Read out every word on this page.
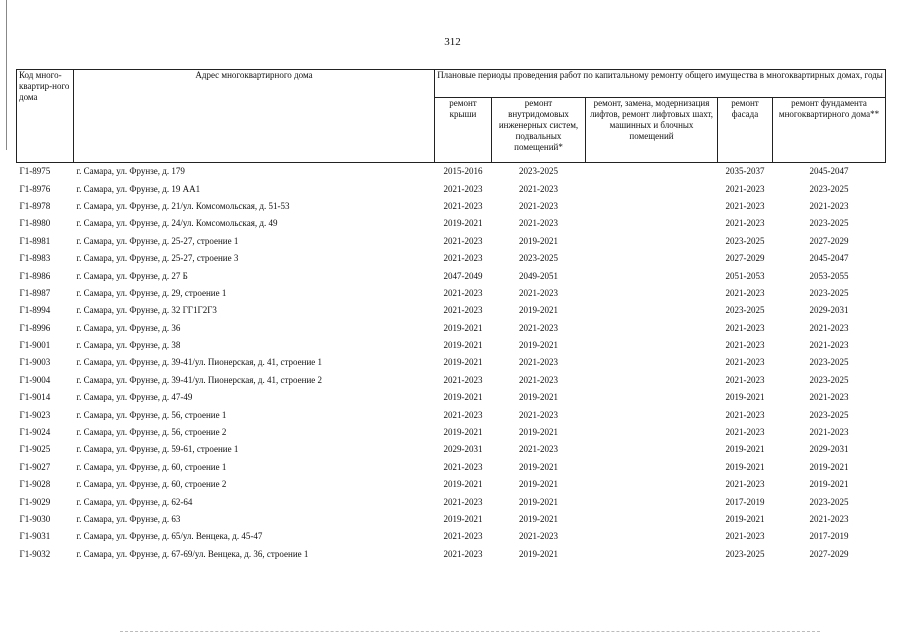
312
Код много-квартир-ного дома	Адрес многоквартирного дома	Плановые периоды проведения работ по капитальному ремонту общего имущества в многоквартирных домах, годы				
		ремонт крыши	ремонт внутридомовых инженерных систем, подвальных помещений*	ремонт, замена, модернизация лифтов, ремонт лифтовых шахт, машинных и блочных помещений	ремонт фасада	ремонт фундамента многоквартирного дома**
Г1-8975	г. Самара, ул. Фрунзе, д. 179	2015-2016	2023-2025		2035-2037	2045-2047
Г1-8976	г. Самара, ул. Фрунзе, д. 19 АА1	2021-2023	2021-2023		2021-2023	2023-2025
Г1-8978	г. Самара, ул. Фрунзе, д. 21/ул. Комсомольская, д. 51-53	2021-2023	2021-2023		2021-2023	2021-2023
Г1-8980	г. Самара, ул. Фрунзе, д. 24/ул. Комсомольская, д. 49	2019-2021	2021-2023		2021-2023	2023-2025
Г1-8981	г. Самара, ул. Фрунзе, д. 25-27, строение 1	2021-2023	2019-2021		2023-2025	2027-2029
Г1-8983	г. Самара, ул. Фрунзе, д. 25-27, строение 3	2021-2023	2023-2025		2027-2029	2045-2047
Г1-8986	г. Самара, ул. Фрунзе, д. 27 Б	2047-2049	2049-2051		2051-2053	2053-2055
Г1-8987	г. Самара, ул. Фрунзе, д. 29, строение 1	2021-2023	2021-2023		2021-2023	2023-2025
Г1-8994	г. Самара, ул. Фрунзе, д. 32 ГГ1Г2Г3	2021-2023	2019-2021		2023-2025	2029-2031
Г1-8996	г. Самара, ул. Фрунзе, д. 36	2019-2021	2021-2023		2021-2023	2021-2023
Г1-9001	г. Самара, ул. Фрунзе, д. 38	2019-2021	2019-2021		2021-2023	2021-2023
Г1-9003	г. Самара, ул. Фрунзе, д. 39-41/ул. Пионерская, д. 41, строение 1	2019-2021	2021-2023		2021-2023	2023-2025
Г1-9004	г. Самара, ул. Фрунзе, д. 39-41/ул. Пионерская, д. 41, строение 2	2021-2023	2021-2023		2021-2023	2023-2025
Г1-9014	г. Самара, ул. Фрунзе, д. 47-49	2019-2021	2019-2021		2019-2021	2021-2023
Г1-9023	г. Самара, ул. Фрунзе, д. 56, строение 1	2021-2023	2021-2023		2021-2023	2023-2025
Г1-9024	г. Самара, ул. Фрунзе, д. 56, строение 2	2019-2021	2019-2021		2021-2023	2021-2023
Г1-9025	г. Самара, ул. Фрунзе, д. 59-61, строение 1	2029-2031	2021-2023		2019-2021	2029-2031
Г1-9027	г. Самара, ул. Фрунзе, д. 60, строение 1	2021-2023	2019-2021		2019-2021	2019-2021
Г1-9028	г. Самара, ул. Фрунзе, д. 60, строение 2	2019-2021	2019-2021		2021-2023	2019-2021
Г1-9029	г. Самара, ул. Фрунзе, д. 62-64	2021-2023	2019-2021		2017-2019	2023-2025
Г1-9030	г. Самара, ул. Фрунзе, д. 63	2019-2021	2019-2021		2019-2021	2021-2023
Г1-9031	г. Самара, ул. Фрунзе, д. 65/ул. Венцека, д. 45-47	2021-2023	2021-2023		2021-2023	2017-2019
Г1-9032	г. Самара, ул. Фрунзе, д. 67-69/ул. Венцека, д. 36, строение 1	2021-2023	2019-2021		2023-2025	2027-2029
